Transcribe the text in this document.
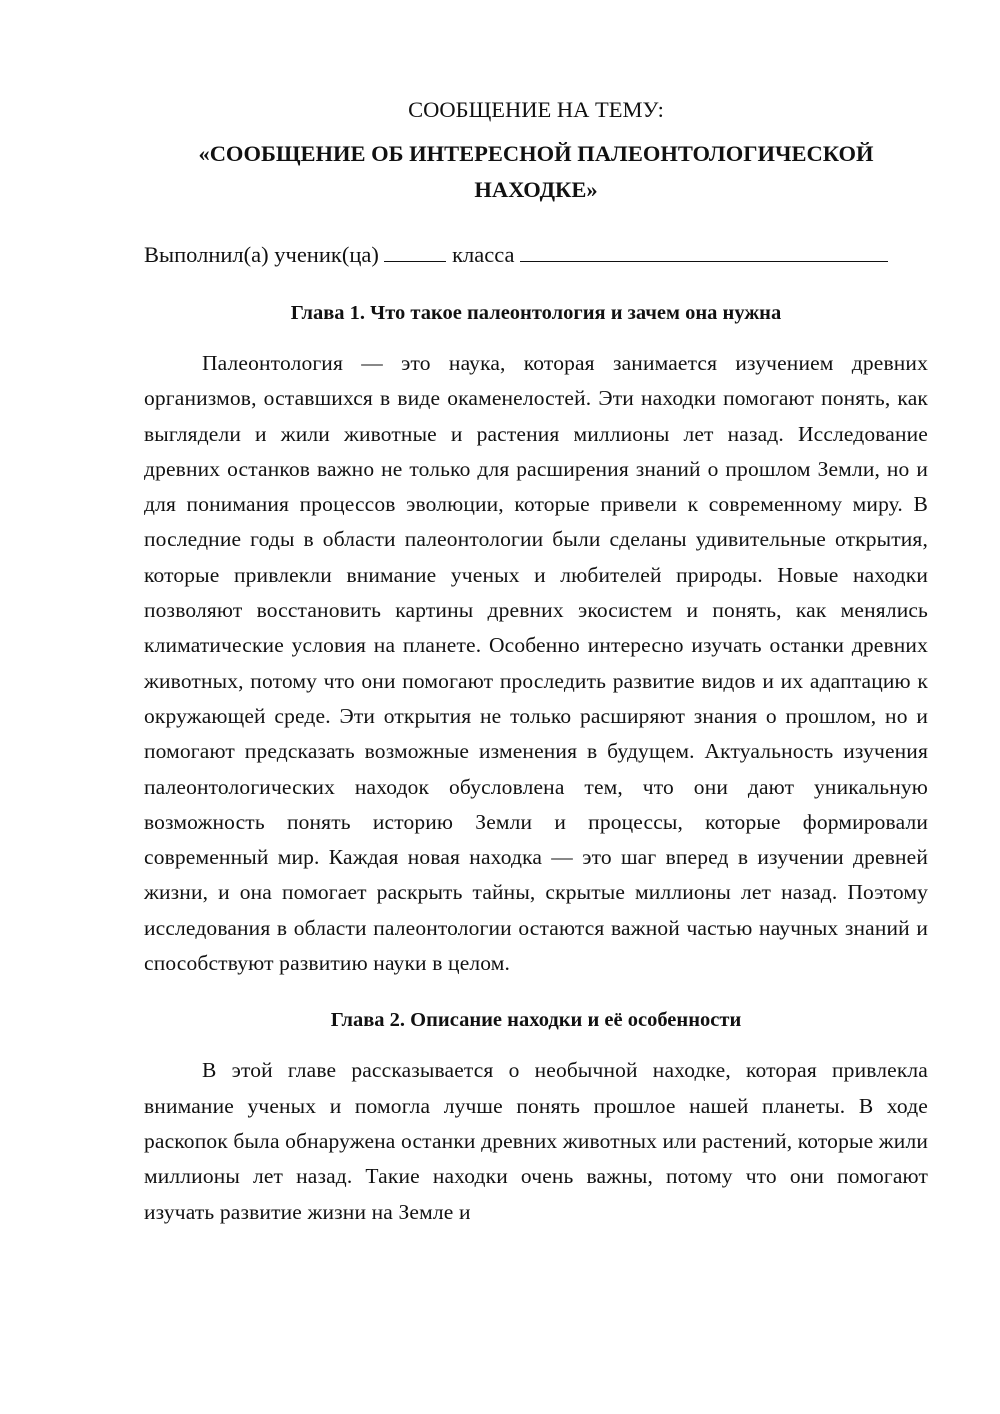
СООБЩЕНИЕ НА ТЕМУ:

«СООБЩЕНИЕ ОБ ИНТЕРЕСНОЙ ПАЛЕОНТОЛОГИЧЕСКОЙ НАХОДКЕ»

Выполнил(а) ученик(ца)	класса

Глава 1. Что такое палеонтология и зачем она нужна

Палеонтология — это наука, которая занимается изучением древних организмов, оставшихся в виде окаменелостей. Эти находки помогают понять, как выглядели и жили животные и растения миллионы лет назад. Исследование древних останков важно не только для расширения знаний о прошлом Земли, но и для понимания процессов эволюции, которые привели к современному миру. В последние годы в области палеонтологии были сделаны удивительные открытия, которые привлекли внимание ученых и любителей природы. Новые находки позволяют восстановить картины древних экосистем и понять, как менялись климатические условия на планете. Особенно интересно изучать останки древних животных, потому что они помогают проследить развитие видов и их адаптацию к окружающей среде. Эти открытия не только расширяют знания о прошлом, но и помогают предсказать возможные изменения в будущем. Актуальность изучения палеонтологических находок обусловлена тем, что они дают уникальную возможность понять историю Земли и процессы, которые формировали современный мир. Каждая новая находка — это шаг вперед в изучении древней жизни, и она помогает раскрыть тайны, скрытые миллионы лет назад. Поэтому исследования в области палеонтологии остаются важной частью научных знаний и способствуют развитию науки в целом.

Глава 2. Описание находки и её особенности

В этой главе рассказывается о необычной находке, которая привлекла внимание ученых и помогла лучше понять прошлое нашей планеты. В ходе раскопок была обнаружена останки древних животных или растений, которые жили миллионы лет назад. Такие находки очень важны, потому что они помогают изучать развитие жизни на Земле и
